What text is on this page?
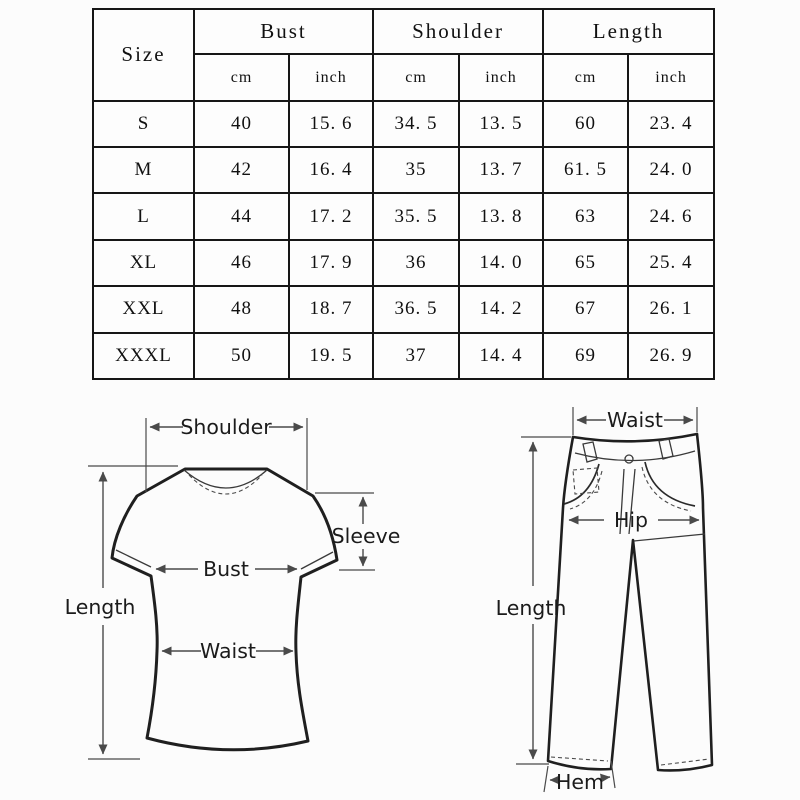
Size	Bust		Shoulder		Length	
	cm	inch	cm	inch	cm	inch
S	40	15. 6	34. 5	13. 5	60	23. 4
M	42	16. 4	35	13. 7	61. 5	24. 0
L	44	17. 2	35. 5	13. 8	63	24. 6
XL	46	17. 9	36	14. 0	65	25. 4
XXL	48	18. 7	36. 5	14. 2	67	26. 1
XXXL	50	19. 5	37	14. 4	69	26. 9
Shoulder
Length
Sleeve
Bust
Waist
Waist
Hip
Length
Hem
